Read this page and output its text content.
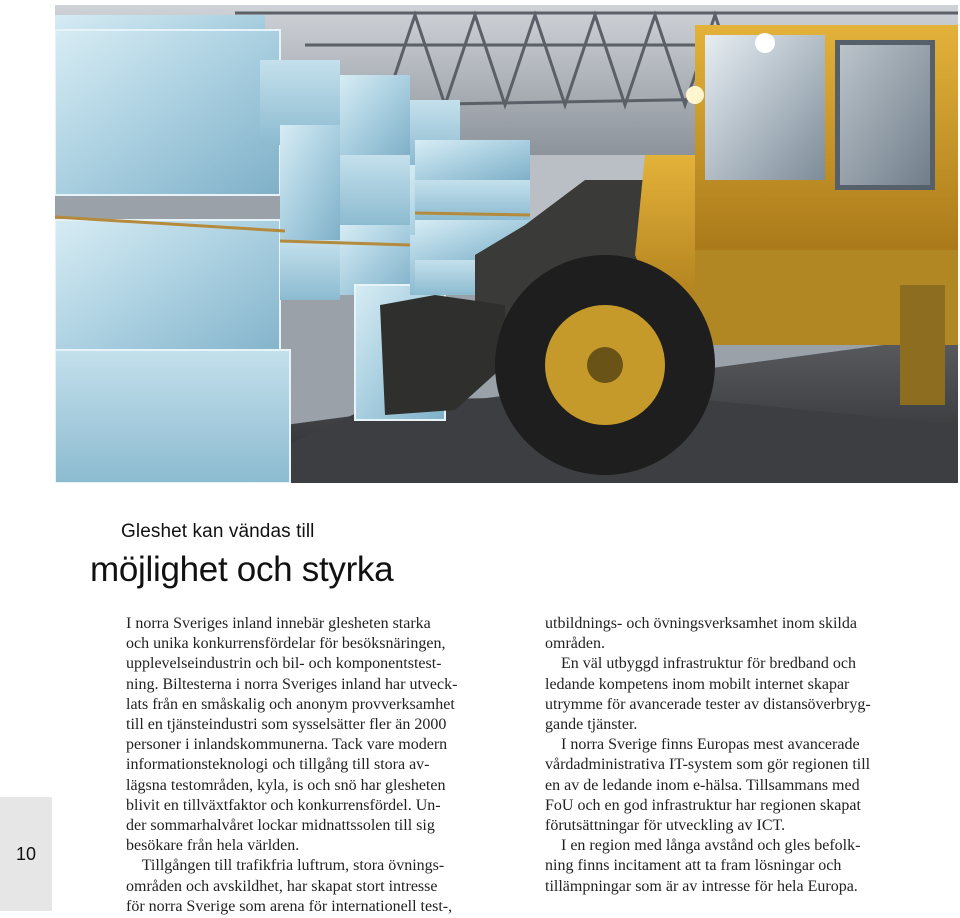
Gleshet kan vändas till
möjlighet och styrka
I norra Sveriges inland innebär glesheten starka
och unika konkurrensfördelar för besöksnäringen,
upplevelseindustrin och bil- och komponentstest-
ning. Biltesterna i norra Sveriges inland har utveck-
lats från en småskalig och anonym provverksamhet
till en tjänsteindustri som sysselsätter fler än 2000
personer i inlandskommunerna. Tack vare modern
informationsteknologi och tillgång till stora av-
lägsna testområden, kyla, is och snö har glesheten
blivit en tillväxtfaktor och konkurrensfördel. Un-
der sommarhalvåret lockar midnattssolen till sig
besökare från hela världen.
Tillgången till trafikfria luftrum, stora övnings-
områden och avskildhet, har skapat stort intresse
för norra Sverige som arena för internationell test-,
utbildnings- och övningsverksamhet inom skilda
områden.
En väl utbyggd infrastruktur för bredband och
ledande kompetens inom mobilt internet skapar
utrymme för avancerade tester av distansöverbryg-
gande tjänster.
I norra Sverige finns Europas mest avancerade
vårdadministrativa IT-system som gör regionen till
en av de ledande inom e-hälsa. Tillsammans med
FoU och en god infrastruktur har regionen skapat
förutsättningar för utveckling av ICT.
I en region med långa avstånd och gles befolk-
ning finns incitament att ta fram lösningar och
tillämpningar som är av intresse för hela Europa.
10
